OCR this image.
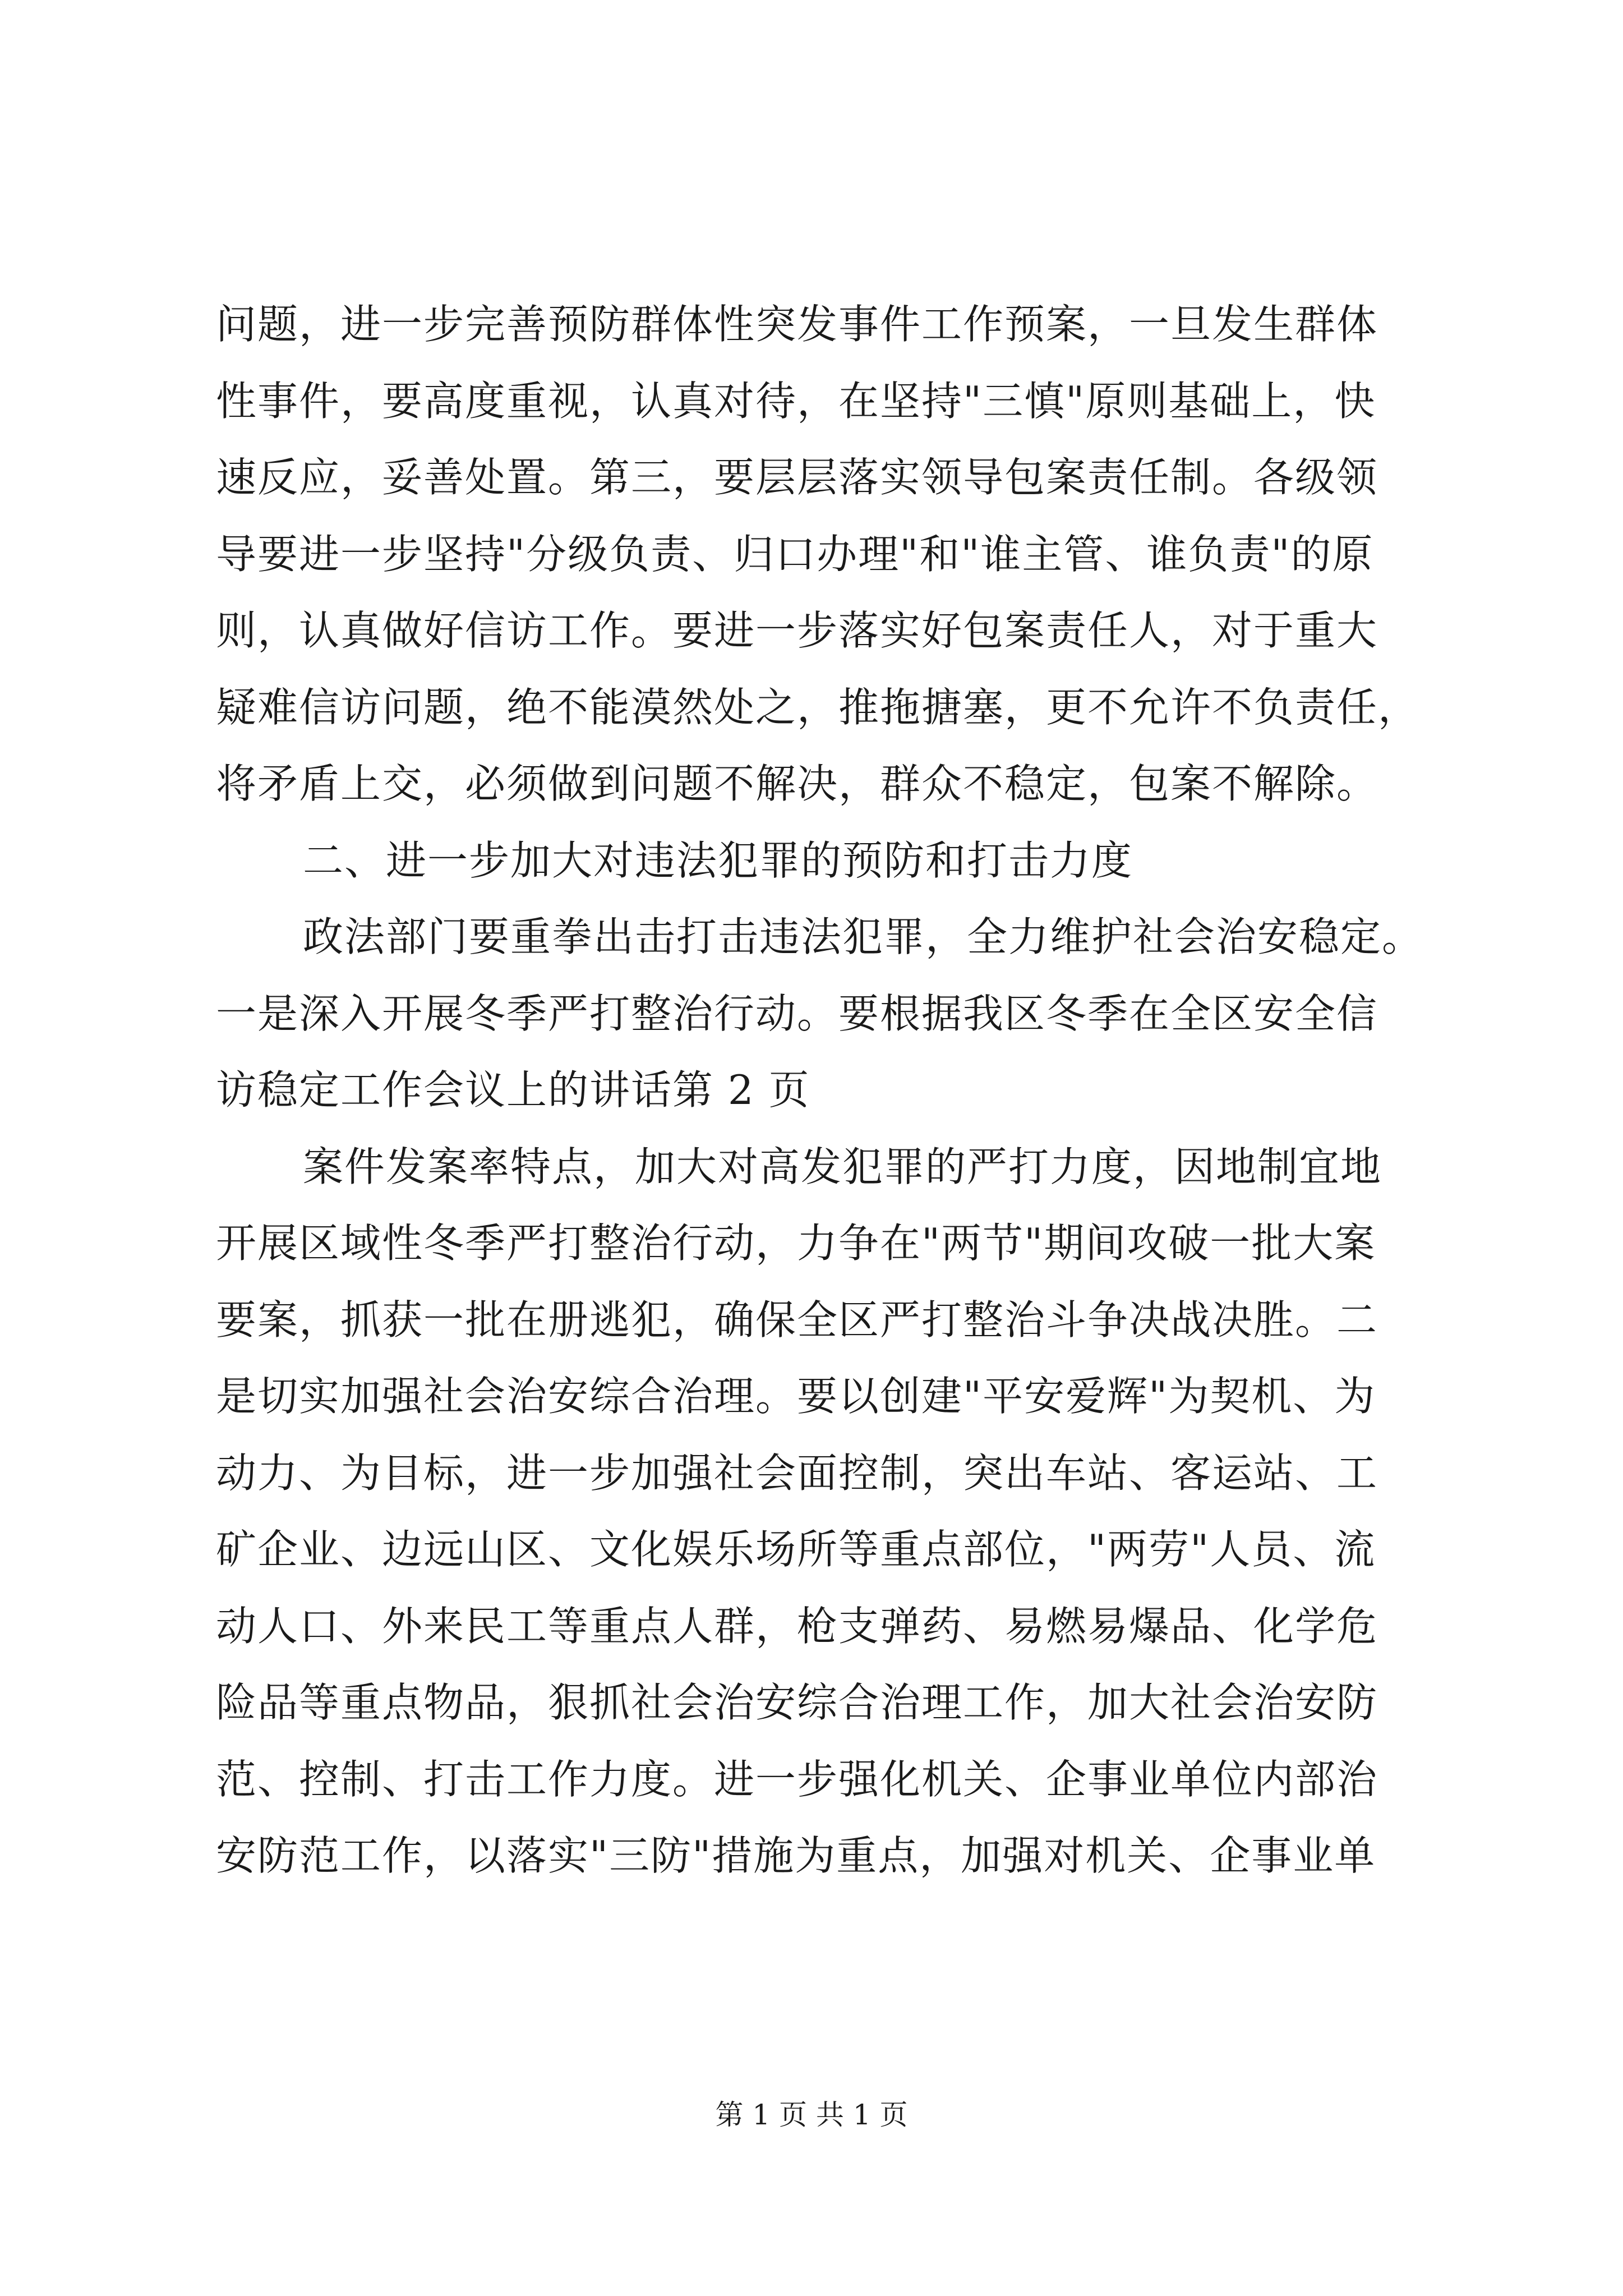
问题，进一步完善预防群体性突发事件工作预案，一旦发生群体
性事件，要高度重视，认真对待，在坚持"三慎"原则基础上，快
速反应，妥善处置。第三，要层层落实领导包案责任制。各级领
导要进一步坚持"分级负责、归口办理"和"谁主管、谁负责"的原
则，认真做好信访工作。要进一步落实好包案责任人，对于重大
疑难信访问题，绝不能漠然处之，推拖搪塞，更不允许不负责任，
将矛盾上交，必须做到问题不解决，群众不稳定，包案不解除。
二、进一步加大对违法犯罪的预防和打击力度
政法部门要重拳出击打击违法犯罪，全力维护社会治安稳定。
一是深入开展冬季严打整治行动。要根据我区冬季在全区安全信
访稳定工作会议上的讲话第 2 页
案件发案率特点，加大对高发犯罪的严打力度，因地制宜地
开展区域性冬季严打整治行动，力争在"两节"期间攻破一批大案
要案，抓获一批在册逃犯，确保全区严打整治斗争决战决胜。二
是切实加强社会治安综合治理。要以创建"平安爱辉"为契机、为
动力、为目标，进一步加强社会面控制，突出车站、客运站、工
矿企业、边远山区、文化娱乐场所等重点部位，"两劳"人员、流
动人口、外来民工等重点人群，枪支弹药、易燃易爆品、化学危
险品等重点物品，狠抓社会治安综合治理工作，加大社会治安防
范、控制、打击工作力度。进一步强化机关、企事业单位内部治
安防范工作，以落实"三防"措施为重点，加强对机关、企事业单
第 1 页 共 1 页
